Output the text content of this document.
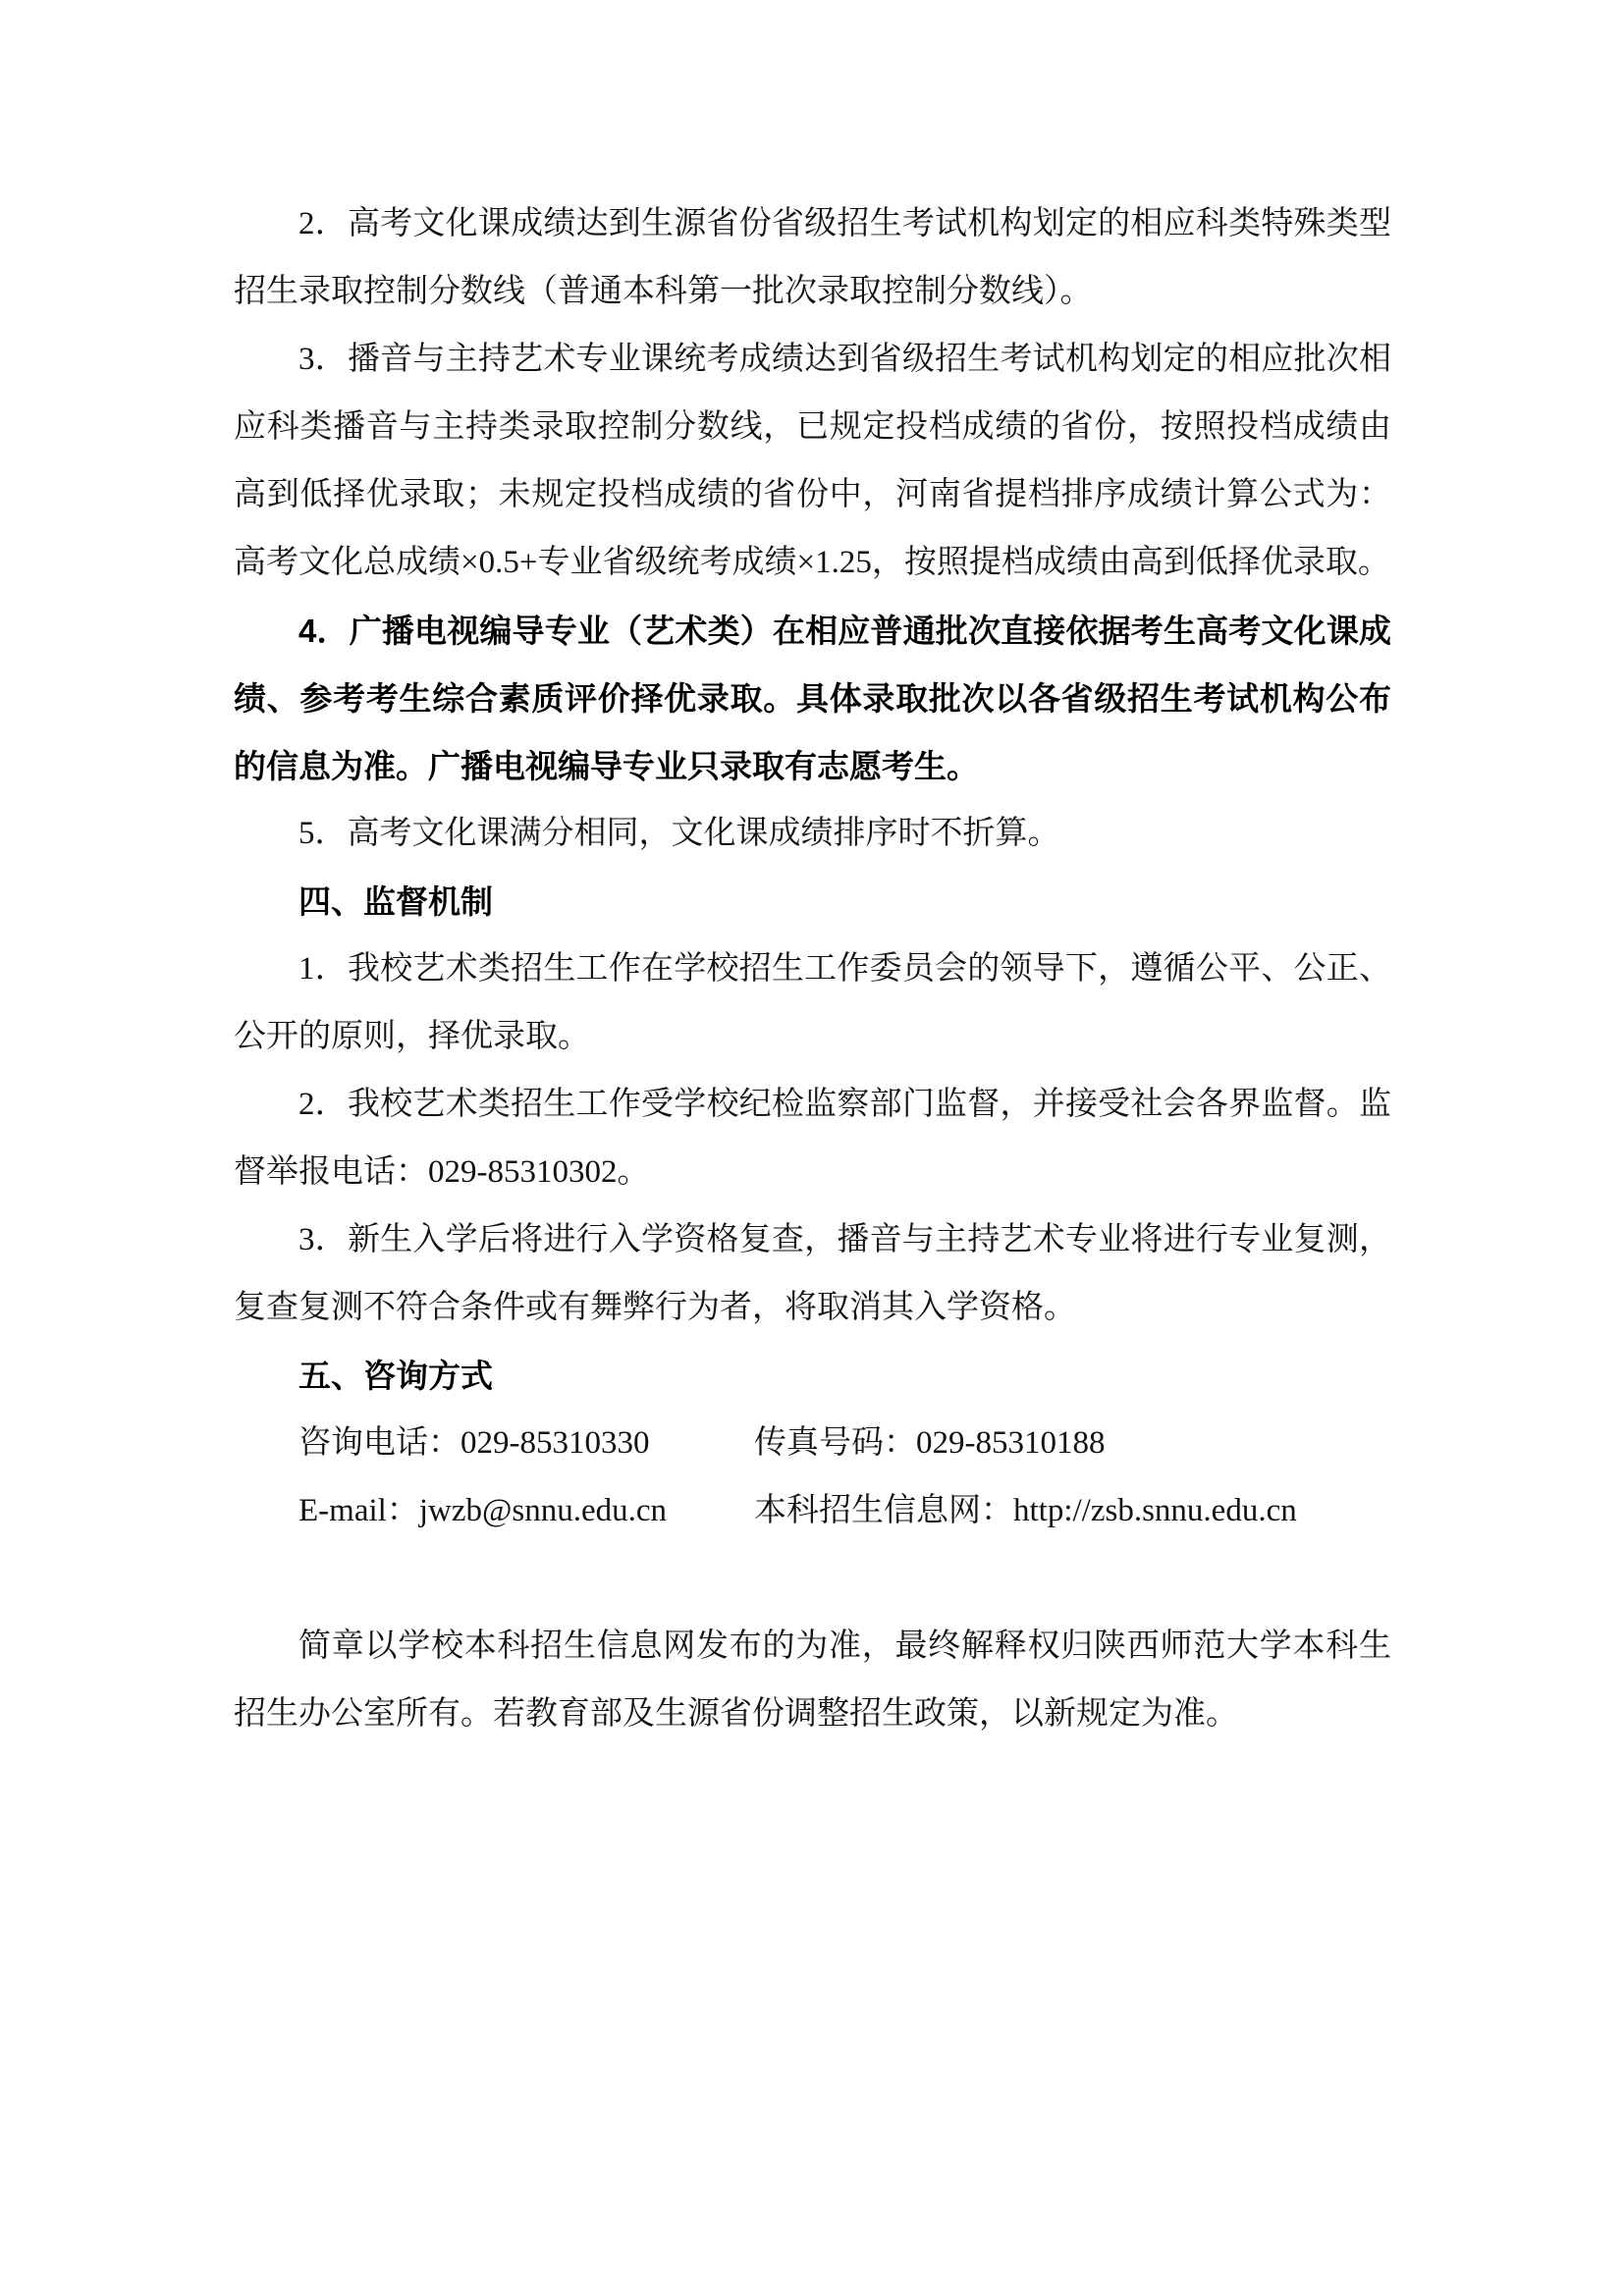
2．高考文化课成绩达到生源省份省级招生考试机构划定的相应科类特殊类型招生录取控制分数线（普通本科第一批次录取控制分数线）。

3．播音与主持艺术专业课统考成绩达到省级招生考试机构划定的相应批次相应科类播音与主持类录取控制分数线，已规定投档成绩的省份，按照投档成绩由高到低择优录取；未规定投档成绩的省份中，河南省提档排序成绩计算公式为：高考文化总成绩×0.5+专业省级统考成绩×1.25，按照提档成绩由高到低择优录取。

4．广播电视编导专业（艺术类）在相应普通批次直接依据考生高考文化课成绩、参考考生综合素质评价择优录取。具体录取批次以各省级招生考试机构公布的信息为准。广播电视编导专业只录取有志愿考生。

5．高考文化课满分相同，文化课成绩排序时不折算。

四、监督机制

1．我校艺术类招生工作在学校招生工作委员会的领导下，遵循公平、公正、公开的原则，择优录取。

2．我校艺术类招生工作受学校纪检监察部门监督，并接受社会各界监督。监督举报电话：029-85310302。

3．新生入学后将进行入学资格复查，播音与主持艺术专业将进行专业复测，复查复测不符合条件或有舞弊行为者，将取消其入学资格。

五、咨询方式

咨询电话：029-85310330	传真号码：029-85310188
E-mail：jwzb@snnu.edu.cn	本科招生信息网：http://zsb.snnu.edu.cn

简章以学校本科招生信息网发布的为准，最终解释权归陕西师范大学本科生招生办公室所有。若教育部及生源省份调整招生政策，以新规定为准。
